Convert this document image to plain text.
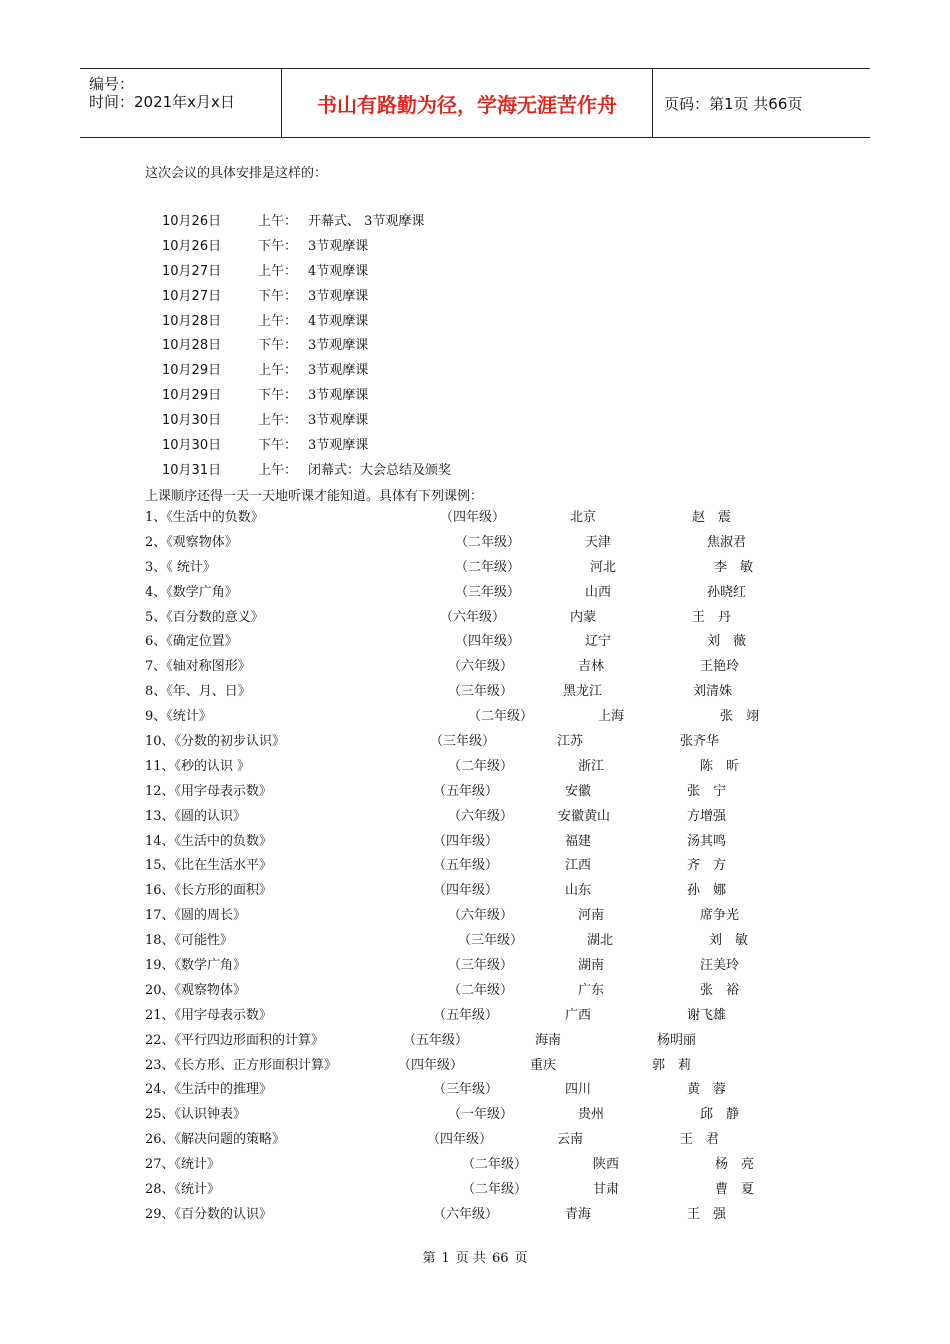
编号：
时间：2021年x月x日	书山有路勤为径，学海无涯苦作舟	页码：第1页 共66页
这次会议的具体安排是这样的：
10月26日	上午： 开幕式、 3节观摩课
10月26日	下午： 3节观摩课
10月27日	上午： 4节观摩课
10月27日	下午： 3节观摩课
10月28日	上午： 4节观摩课
10月28日	下午： 3节观摩课
10月29日	上午： 3节观摩课
10月29日	下午： 3节观摩课
10月30日	上午： 3节观摩课
10月30日	下午： 3节观摩课
10月31日	上午： 闭幕式：大会总结及颁奖
上课顺序还得一天一天地听课才能知道。具体有下列课例：
1、《生活中的负数》	（四年级）	北京	赵　震
2、《观察物体》	（二年级）	天津	焦淑君
3、《 统计》	（二年级）	河北	李　敏
4、《数学广角》	（三年级）	山西	孙晓红
5、《百分数的意义》	（六年级）	内蒙	王　丹
6、《确定位置》	（四年级）	辽宁	刘　薇
7、《轴对称图形》	（六年级）	吉林	王艳玲
8、《年、月、日》	（三年级）	黑龙江	刘清姝
9、《统计》	（二年级）	上海	张　翊
10、《分数的初步认识》	（三年级）	江苏	张齐华
11、《秒的认识 》	（二年级）	浙江	陈　昕
12、《用字母表示数》	（五年级）	安徽	张　宁
13、《圆的认识》	（六年级）	安徽黄山	方增强
14、《生活中的负数》	（四年级）	福建	汤其鸣
15、《比在生活水平》	（五年级）	江西	齐　方
16、《长方形的面积》	（四年级）	山东	孙　娜
17、《圆的周长》	（六年级）	河南	席争光
18、《可能性》	（三年级）	湖北	刘　敏
19、《数学广角》	（三年级）	湖南	汪美玲
20、《观察物体》	（二年级）	广东	张　裕
21、《用字母表示数》	（五年级）	广西	谢飞雄
22、《平行四边形面积的计算》	（五年级）	海南	杨明丽
23、《长方形、正方形面积计算》	（四年级）	重庆	郭　莉
24、《生活中的推理》	（三年级）	四川	黄　蓉
25、《认识钟表》	（一年级）	贵州	邱　静
26、《解决问题的策略》	（四年级）	云南	王　君
27、《统计》	（二年级）	陕西	杨　亮
28、《统计》	（二年级）	甘肃	曹　夏
29、《百分数的认识》	（六年级）	青海	王　强
第 1 页 共 66 页
